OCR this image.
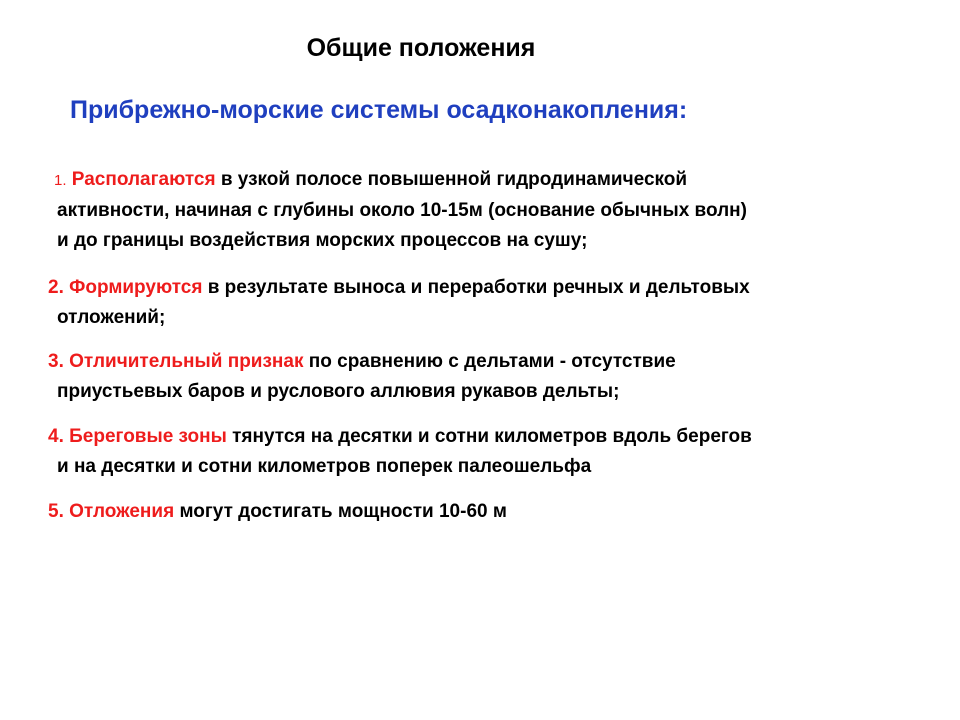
Общие положения
Прибрежно-морские системы осадконакопления:
1. Располагаются в узкой полосе повышенной гидродинамической
активности, начиная с глубины около 10-15м (основание обычных волн)
и до границы воздействия морских процессов на сушу;
2. Формируются в результате выноса и переработки речных и дельтовых
отложений;
3. Отличительный признак по сравнению с дельтами - отсутствие
приустьевых баров и руслового аллювия рукавов дельты;
4. Береговые зоны тянутся на десятки и сотни километров вдоль берегов
и на десятки и сотни километров поперек палеошельфа
5. Отложения могут достигать мощности 10-60 м
